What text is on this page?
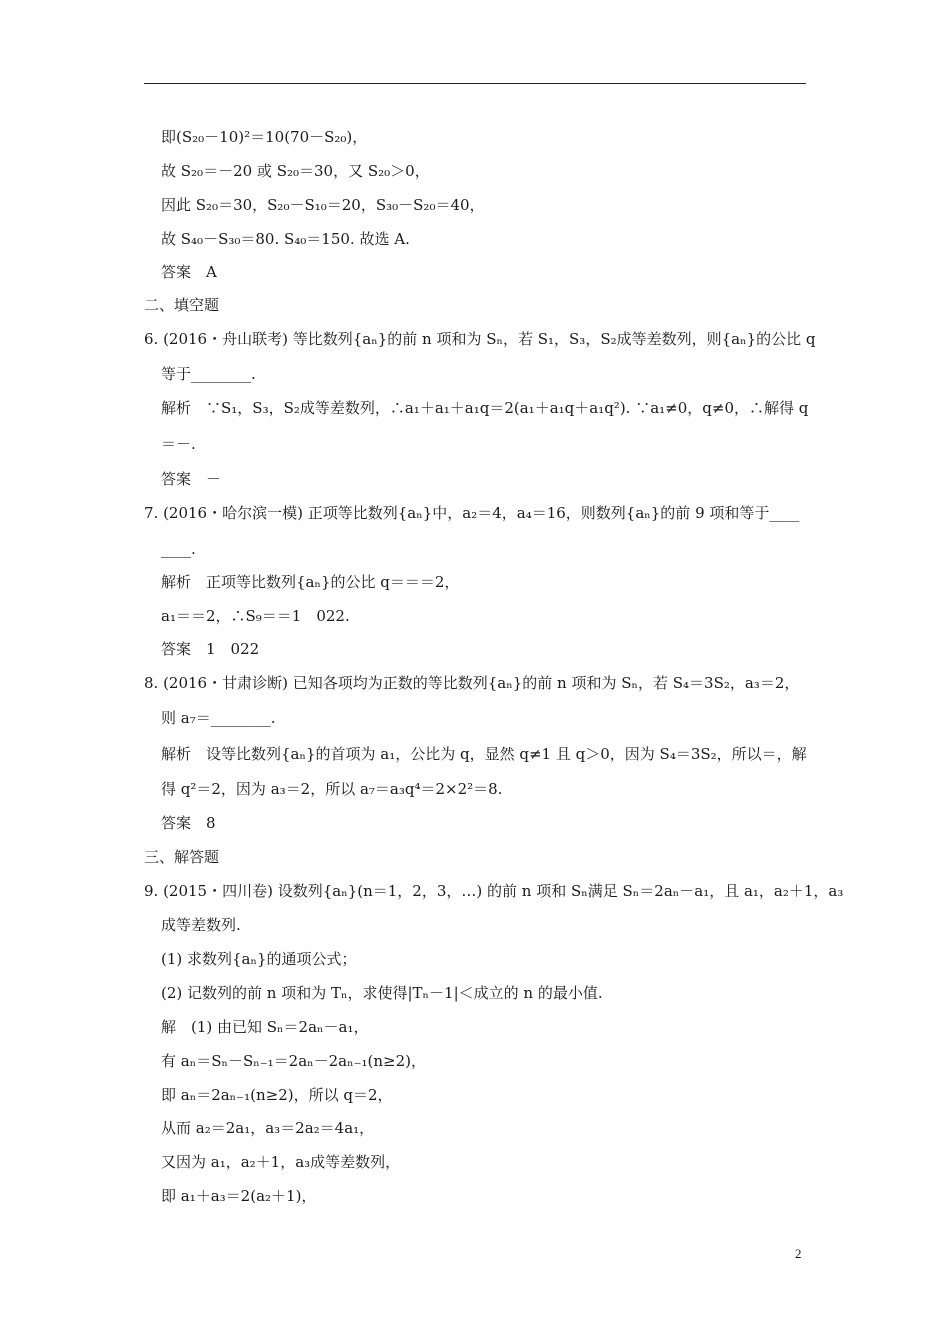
即(S₂₀－10)²＝10(70－S₂₀)，
故 S₂₀＝－20 或 S₂₀＝30，又 S₂₀＞0，
因此 S₂₀＝30，S₂₀－S₁₀＝20，S₃₀－S₂₀＝40，
故 S₄₀－S₃₀＝80. S₄₀＝150. 故选 A.
答案　A
二、填空题
6. (2016・舟山联考) 等比数列{aₙ}的前 n 项和为 Sₙ，若 S₁，S₃，S₂成等差数列，则{aₙ}的公比 q
等于________.
解析　∵S₁，S₃，S₂成等差数列，∴a₁＋a₁＋a₁q＝2(a₁＋a₁q＋a₁q²). ∵a₁≠0，q≠0，∴解得 q
＝－.
答案　－
7. (2016・哈尔滨一模) 正项等比数列{aₙ}中，a₂＝4，a₄＝16，则数列{aₙ}的前 9 项和等于____
____.
解析　正项等比数列{aₙ}的公比 q＝＝＝2，
a₁＝＝2，∴S₉＝＝1　022.
答案　1　022
8. (2016・甘肃诊断) 已知各项均为正数的等比数列{aₙ}的前 n 项和为 Sₙ，若 S₄＝3S₂，a₃＝2，
则 a₇＝________.
解析　设等比数列{aₙ}的首项为 a₁，公比为 q，显然 q≠1 且 q＞0，因为 S₄＝3S₂，所以＝，解
得 q²＝2，因为 a₃＝2，所以 a₇＝a₃q⁴＝2×2²＝8.
答案　8
三、解答题
9. (2015・四川卷) 设数列{aₙ}(n＝1，2，3，…) 的前 n 项和 Sₙ满足 Sₙ＝2aₙ－a₁，且 a₁，a₂＋1，a₃
成等差数列.
(1) 求数列{aₙ}的通项公式；
(2) 记数列的前 n 项和为 Tₙ，求使得|Tₙ－1|＜成立的 n 的最小值.
解　(1) 由已知 Sₙ＝2aₙ－a₁，
有 aₙ＝Sₙ－Sₙ₋₁＝2aₙ－2aₙ₋₁(n≥2)，
即 aₙ＝2aₙ₋₁(n≥2)，所以 q＝2，
从而 a₂＝2a₁，a₃＝2a₂＝4a₁，
又因为 a₁，a₂＋1，a₃成等差数列，
即 a₁＋a₃＝2(a₂＋1)，
2
